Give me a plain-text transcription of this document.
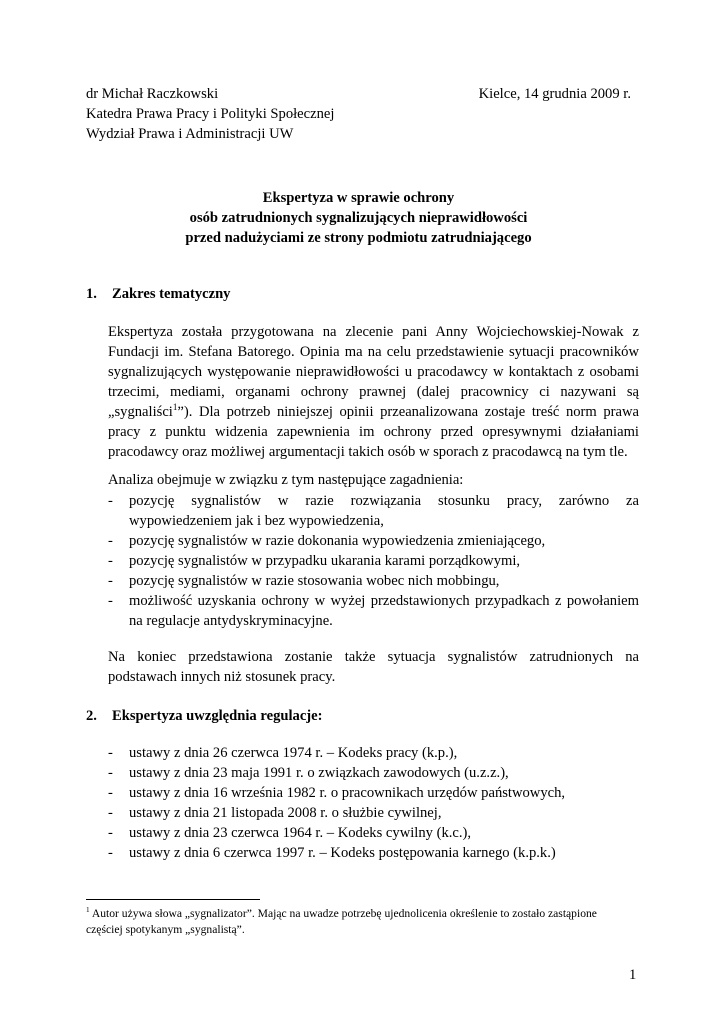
dr Michał Raczkowski	Kielce, 14 grudnia 2009 r.
Katedra Prawa Pracy i Polityki Społecznej
Wydział Prawa i Administracji UW
Ekspertyza w sprawie ochrony
osób zatrudnionych sygnalizujących nieprawidłowości
przed nadużyciami ze strony podmiotu zatrudniającego
1.	Zakres tematyczny

Ekspertyza została przygotowana na zlecenie pani Anny Wojciechowskiej-Nowak z Fundacji im. Stefana Batorego. Opinia ma na celu przedstawienie sytuacji pracowników sygnalizujących występowanie nieprawidłowości u pracodawcy w kontaktach z osobami trzecimi, mediami, organami ochrony prawnej (dalej pracownicy ci nazywani są „sygnaliści$^1$”). Dla potrzeb niniejszej opinii przeanalizowana zostaje treść norm prawa pracy z punktu widzenia zapewnienia im ochrony przed opresywnymi działaniami pracodawcy oraz możliwej argumentacji takich osób w sporach z pracodawcą na tym tle.

Analiza obejmuje w związku z tym następujące zagadnienia:

- pozycję sygnalistów w razie rozwiązania stosunku pracy, zarówno za wypowiedzeniem jak i bez wypowiedzenia,
- pozycję sygnalistów w razie dokonania wypowiedzenia zmieniającego,
- pozycję sygnalistów w przypadku ukarania karami porządkowymi,
- pozycję sygnalistów w razie stosowania wobec nich mobbingu,
- możliwość uzyskania ochrony w wyżej przedstawionych przypadkach z powołaniem na regulacje antydyskryminacyjne.

Na koniec przedstawiona zostanie także sytuacja sygnalistów zatrudnionych na podstawach innych niż stosunek pracy.

2.	Ekspertyza uwzględnia regulacje:
- ustawy z dnia 26 czerwca 1974 r. – Kodeks pracy (k.p.),
- ustawy z dnia 23 maja 1991 r. o związkach zawodowych (u.z.z.),
- ustawy z dnia 16 września 1982 r. o pracownikach urzędów państwowych,
- ustawy z dnia 21 listopada 2008 r. o służbie cywilnej,
- ustawy z dnia 23 czerwca 1964 r. – Kodeks cywilny (k.c.),
- ustawy z dnia 6 czerwca 1997 r. – Kodeks postępowania karnego (k.p.k.)
$^1$ Autor używa słowa „sygnalizator”. Mając na uwadze potrzebę ujednolicenia określenie to zostało zastąpione częściej spotykanym „sygnalistą”.
1
